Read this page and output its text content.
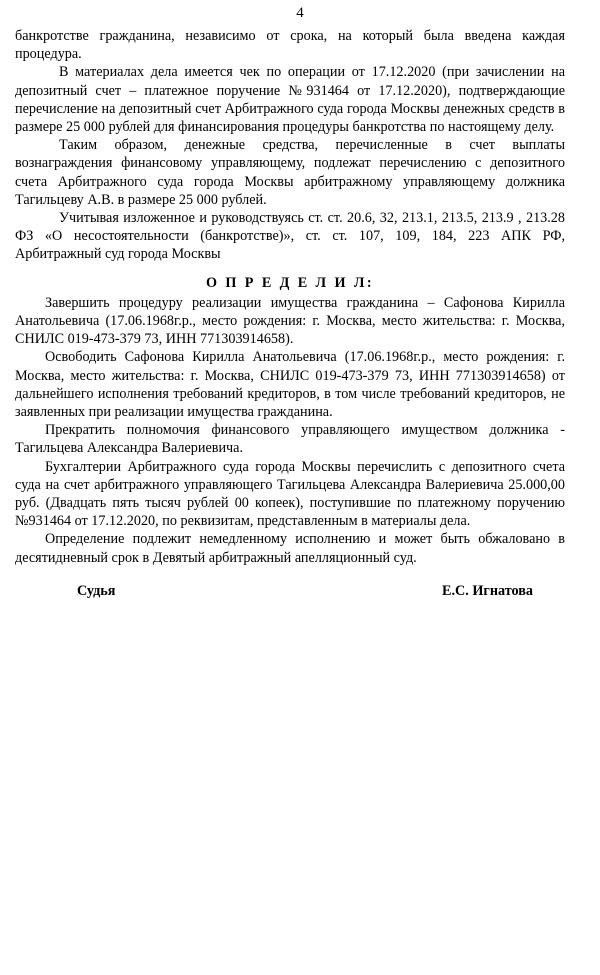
4

банкротстве гражданина, независимо от срока, на который была введена каждая процедура.

В материалах дела имеется чек по операции от 17.12.2020 (при зачислении на депозитный счет – платежное поручение №931464 от 17.12.2020), подтверждающие перечисление на депозитный счет Арбитражного суда города Москвы денежных средств в размере 25 000 рублей для финансирования процедуры банкротства по настоящему делу.

Таким образом, денежные средства, перечисленные в счет выплаты вознаграждения финансовому управляющему, подлежат перечислению с депозитного счета Арбитражного суда города Москвы арбитражному управляющему должника Тагильцеву А.В. в размере 25 000 рублей.

Учитывая изложенное и руководствуясь ст. ст. 20.6, 32, 213.1, 213.5, 213.9 , 213.28 ФЗ «О несостоятельности (банкротстве)», ст. ст. 107, 109, 184, 223 АПК РФ, Арбитражный суд города Москвы

О П Р Е Д Е Л И Л:

Завершить процедуру реализации имущества гражданина – Сафонова Кирилла Анатольевича (17.06.1968г.р., место рождения: г. Москва, место жительства: г. Москва, СНИЛС 019-473-379 73, ИНН 771303914658).

Освободить Сафонова Кирилла Анатольевича (17.06.1968г.р., место рождения: г. Москва, место жительства: г. Москва, СНИЛС 019-473-379 73, ИНН 771303914658) от дальнейшего исполнения требований кредиторов, в том числе требований кредиторов, не заявленных при реализации имущества гражданина.

Прекратить полномочия финансового управляющего имуществом должника - Тагильцева Александра Валериевича.

Бухгалтерии Арбитражного суда города Москвы перечислить с депозитного счета суда на счет арбитражного управляющего Тагильцева Александра Валериевича 25.000,00 руб. (Двадцать пять тысяч рублей 00 копеек), поступившие по платежному поручению №931464 от 17.12.2020, по реквизитам, представленным в материалы дела.

Определение подлежит немедленному исполнению и может быть обжаловано в десятидневный срок в Девятый арбитражный апелляционный суд.

Судья	Е.С. Игнатова
